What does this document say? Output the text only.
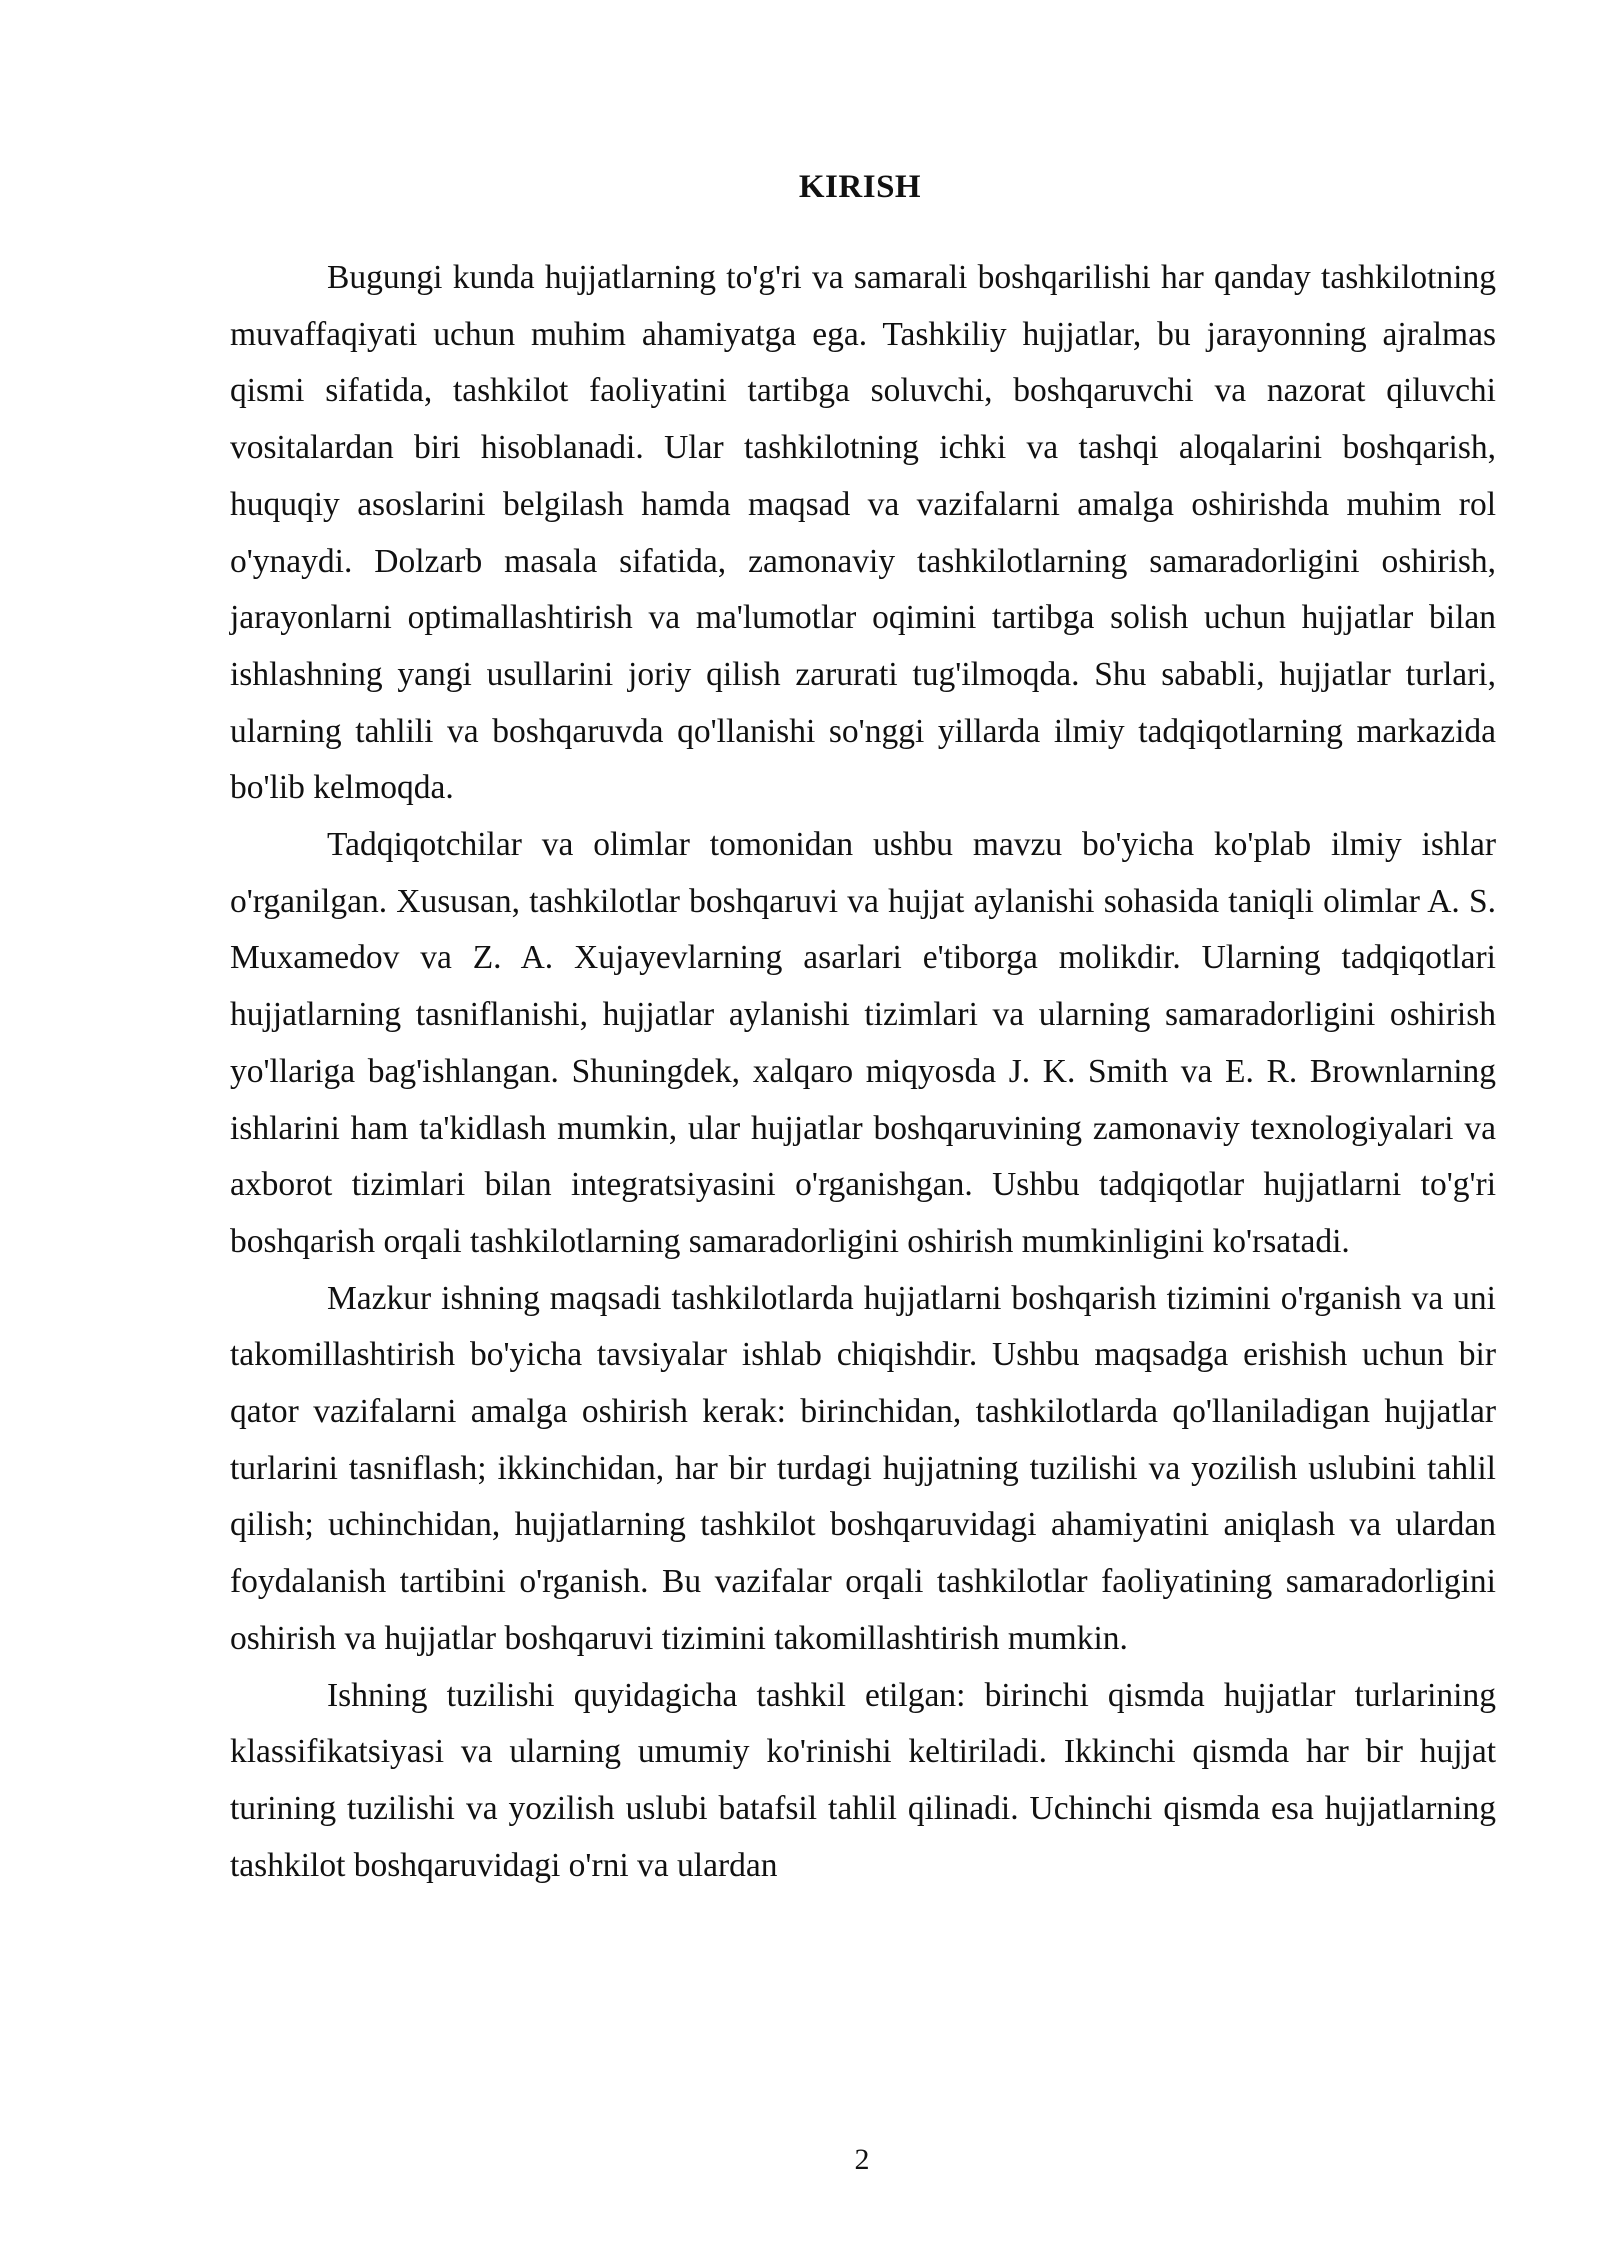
KIRISH

Bugungi kunda hujjatlarning to'g'ri va samarali boshqarilishi har qanday tashkilotning muvaffaqiyati uchun muhim ahamiyatga ega. Tashkiliy hujjatlar, bu jarayonning ajralmas qismi sifatida, tashkilot faoliyatini tartibga soluvchi, boshqaruvchi va nazorat qiluvchi vositalardan biri hisoblanadi. Ular tashkilotning ichki va tashqi aloqalarini boshqarish, huquqiy asoslarini belgilash hamda maqsad va vazifalarni amalga oshirishda muhim rol o'ynaydi. Dolzarb masala sifatida, zamonaviy tashkilotlarning samaradorligini oshirish, jarayonlarni optimallashtirish va ma'lumotlar oqimini tartibga solish uchun hujjatlar bilan ishlashning yangi usullarini joriy qilish zarurati tug'ilmoqda. Shu sababli, hujjatlar turlari, ularning tahlili va boshqaruvda qo'llanishi so'nggi yillarda ilmiy tadqiqotlarning markazida bo'lib kelmoqda.

Tadqiqotchilar va olimlar tomonidan ushbu mavzu bo'yicha ko'plab ilmiy ishlar o'rganilgan. Xususan, tashkilotlar boshqaruvi va hujjat aylanishi sohasida taniqli olimlar A. S. Muxamedov va Z. A. Xujayevlarning asarlari e'tiborga molikdir. Ularning tadqiqotlari hujjatlarning tasniflanishi, hujjatlar aylanishi tizimlari va ularning samaradorligini oshirish yo'llariga bag'ishlangan. Shuningdek, xalqaro miqyosda J. K. Smith va E. R. Brownlarning ishlarini ham ta'kidlash mumkin, ular hujjatlar boshqaruvining zamonaviy texnologiyalari va axborot tizimlari bilan integratsiyasini o'rganishgan. Ushbu tadqiqotlar hujjatlarni to'g'ri boshqarish orqali tashkilotlarning samaradorligini oshirish mumkinligini ko'rsatadi.

Mazkur ishning maqsadi tashkilotlarda hujjatlarni boshqarish tizimini o'rganish va uni takomillashtirish bo'yicha tavsiyalar ishlab chiqishdir. Ushbu maqsadga erishish uchun bir qator vazifalarni amalga oshirish kerak: birinchidan, tashkilotlarda qo'llaniladigan hujjatlar turlarini tasniflash; ikkinchidan, har bir turdagi hujjatning tuzilishi va yozilish uslubini tahlil qilish; uchinchidan, hujjatlarning tashkilot boshqaruvidagi ahamiyatini aniqlash va ulardan foydalanish tartibini o'rganish. Bu vazifalar orqali tashkilotlar faoliyatining samaradorligini oshirish va hujjatlar boshqaruvi tizimini takomillashtirish mumkin.

Ishning tuzilishi quyidagicha tashkil etilgan: birinchi qismda hujjatlar turlarining klassifikatsiyasi va ularning umumiy ko'rinishi keltiriladi. Ikkinchi qismda har bir hujjat turining tuzilishi va yozilish uslubi batafsil tahlil qilinadi. Uchinchi qismda esa hujjatlarning tashkilot boshqaruvidagi o'rni va ulardan

2
